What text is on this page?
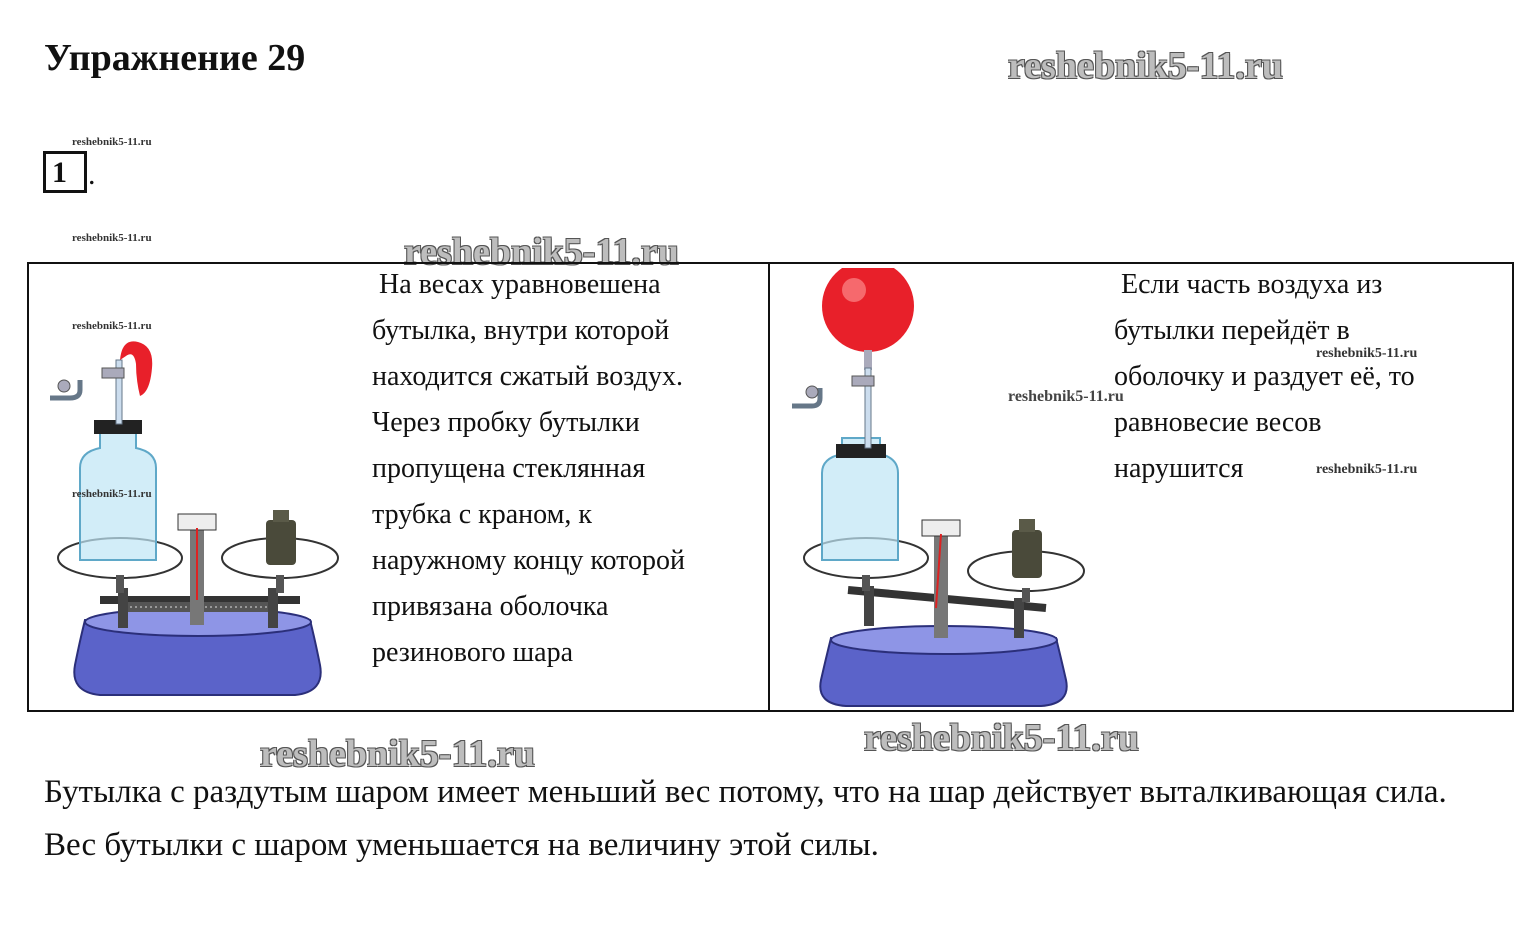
Упражнение 29	reshebnik5-11.ru
reshebnik5-11.ru
reshebnik5-11.ru	reshebnik5-11.ru
1 .

На весах уравновешена
бутылка, внутри которой
находится сжатый воздух.
Через пробку бутылки
пропущена стеклянная
трубка с краном, к
наружному концу которой
привязана оболочка
резинового шара

Если часть воздуха из
бутылки перейдёт в
оболочку и раздует её, то
равновесие весов
нарушится

reshebnik5-11.ru
reshebnik5-11.ru
reshebnik5-11.ru
reshebnik5-11.ru
reshebnik5-11.ru
reshebnik5-11.ru	reshebnik5-11.ru

Бутылка с раздутым шаром имеет меньший вес потому, что на шар действует выталкивающая сила. Вес бутылки с шаром уменьшается на величину этой силы.
